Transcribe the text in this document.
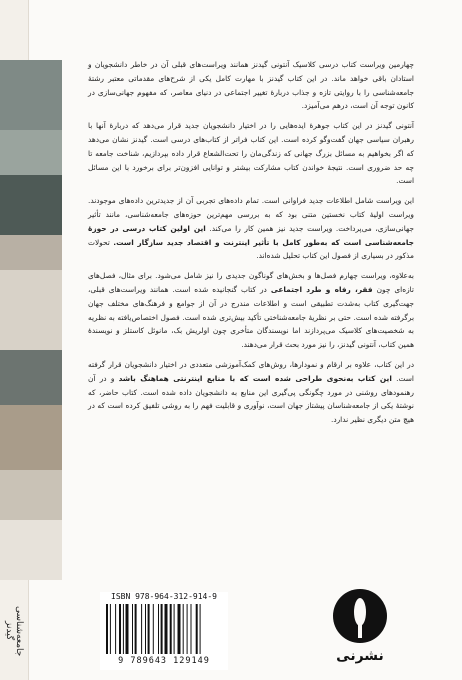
جامعه‌شناسی گیدنز

چهارمین ویراست کتاب درسی کلاسیک آنتونی گیدنز همانند ویراست‌های قبلی آن در خاطر دانشجویان و استادان باقی خواهد ماند. در این کتاب گیدنز با مهارت کامل یکی از شرح‌های مقدماتی معتبر رشتهٔ جامعه‌شناسی را با روایتی تازه و جذاب دربارهٔ تغییر اجتماعی در دنیای معاصر، که مفهوم جهانی‌سازی در کانون توجه آن است، درهم می‌آمیزد.

آنتونی گیدنز در این کتاب جوهرهٔ ایده‌هایی را در اختیار دانشجویان جدید قرار می‌دهد که دربارهٔ آنها با رهبران سیاسی جهان گفت‌وگو کرده است. این کتاب فراتر از کتاب‌های درسی است. گیدنز نشان می‌دهد که اگر بخواهیم به مسائل بزرگ جهانی که زندگی‌مان را تحت‌الشعاع قرار داده بپردازیم، شناخت جامعه تا چه حد ضروری است. نتیجهٔ خواندن کتاب مشارکت بیشتر و توانایی افزون‌تر برای برخورد با این مسائل است.

این ویراست شامل اطلاعات جدید فراوانی است. تمام داده‌های تجربی آن از جدیدترین داده‌های موجودند. ویراست اولیهٔ کتاب نخستین متنی بود که به بررسی مهم‌ترین حوزه‌های جامعه‌شناسی، مانند تأثیر جهانی‌سازی، می‌پرداخت. ویراست جدید نیز همین کار را می‌کند. این اولین کتاب درسی در حوزهٔ جامعه‌شناسی است که به‌طور کامل با تأثیر اینترنت و اقتصاد جدید سازگار است. تحولات مذکور در بسیاری از فصول این کتاب تحلیل شده‌اند.

به‌علاوه، ویراست چهارم فصل‌ها و بخش‌های گوناگون جدیدی را نیز شامل می‌شود. برای مثال، فصل‌های تازه‌ای چون فقر، رفاه و طرد اجتماعی در کتاب گنجانیده شده است. همانند ویراست‌های قبلی، جهت‌گیری کتاب به‌شدت تطبیقی است و اطلاعات مندرج در آن از جوامع و فرهنگ‌های مختلف جهان برگرفته شده است. حتی بر نظریهٔ جامعه‌شناختی تأکید بیش‌تری شده است. فصول اختصاص‌یافته به نظریه به شخصیت‌های کلاسیک می‌پردازند اما نویسندگان متأخری چون اولریش بک، مانوئل کاستلز و نویسندهٔ همین کتاب، آنتونی گیدنز، را نیز مورد بحث قرار می‌دهند.

در این کتاب، علاوه بر ارقام و نمودارها، روش‌های کمک‌آموزشی متعددی در اختیار دانشجویان قرار گرفته است. این کتاب به‌نحوی طراحی شده است که با منابع اینترنتی هماهنگ باشد و در آن رهنمودهای روشنی در مورد چگونگی پی‌گیری این منابع به دانشجویان داده شده است. کتاب حاضر، که نوشتهٔ یکی از جامعه‌شناسان پیشتاز جهان است، نوآوری و قابلیت فهم را به روشی تلفیق کرده است که در هیچ متن دیگری نظیر ندارد.

ISBN 978-964-312-914-9
9 789643 129149	نشرنی
